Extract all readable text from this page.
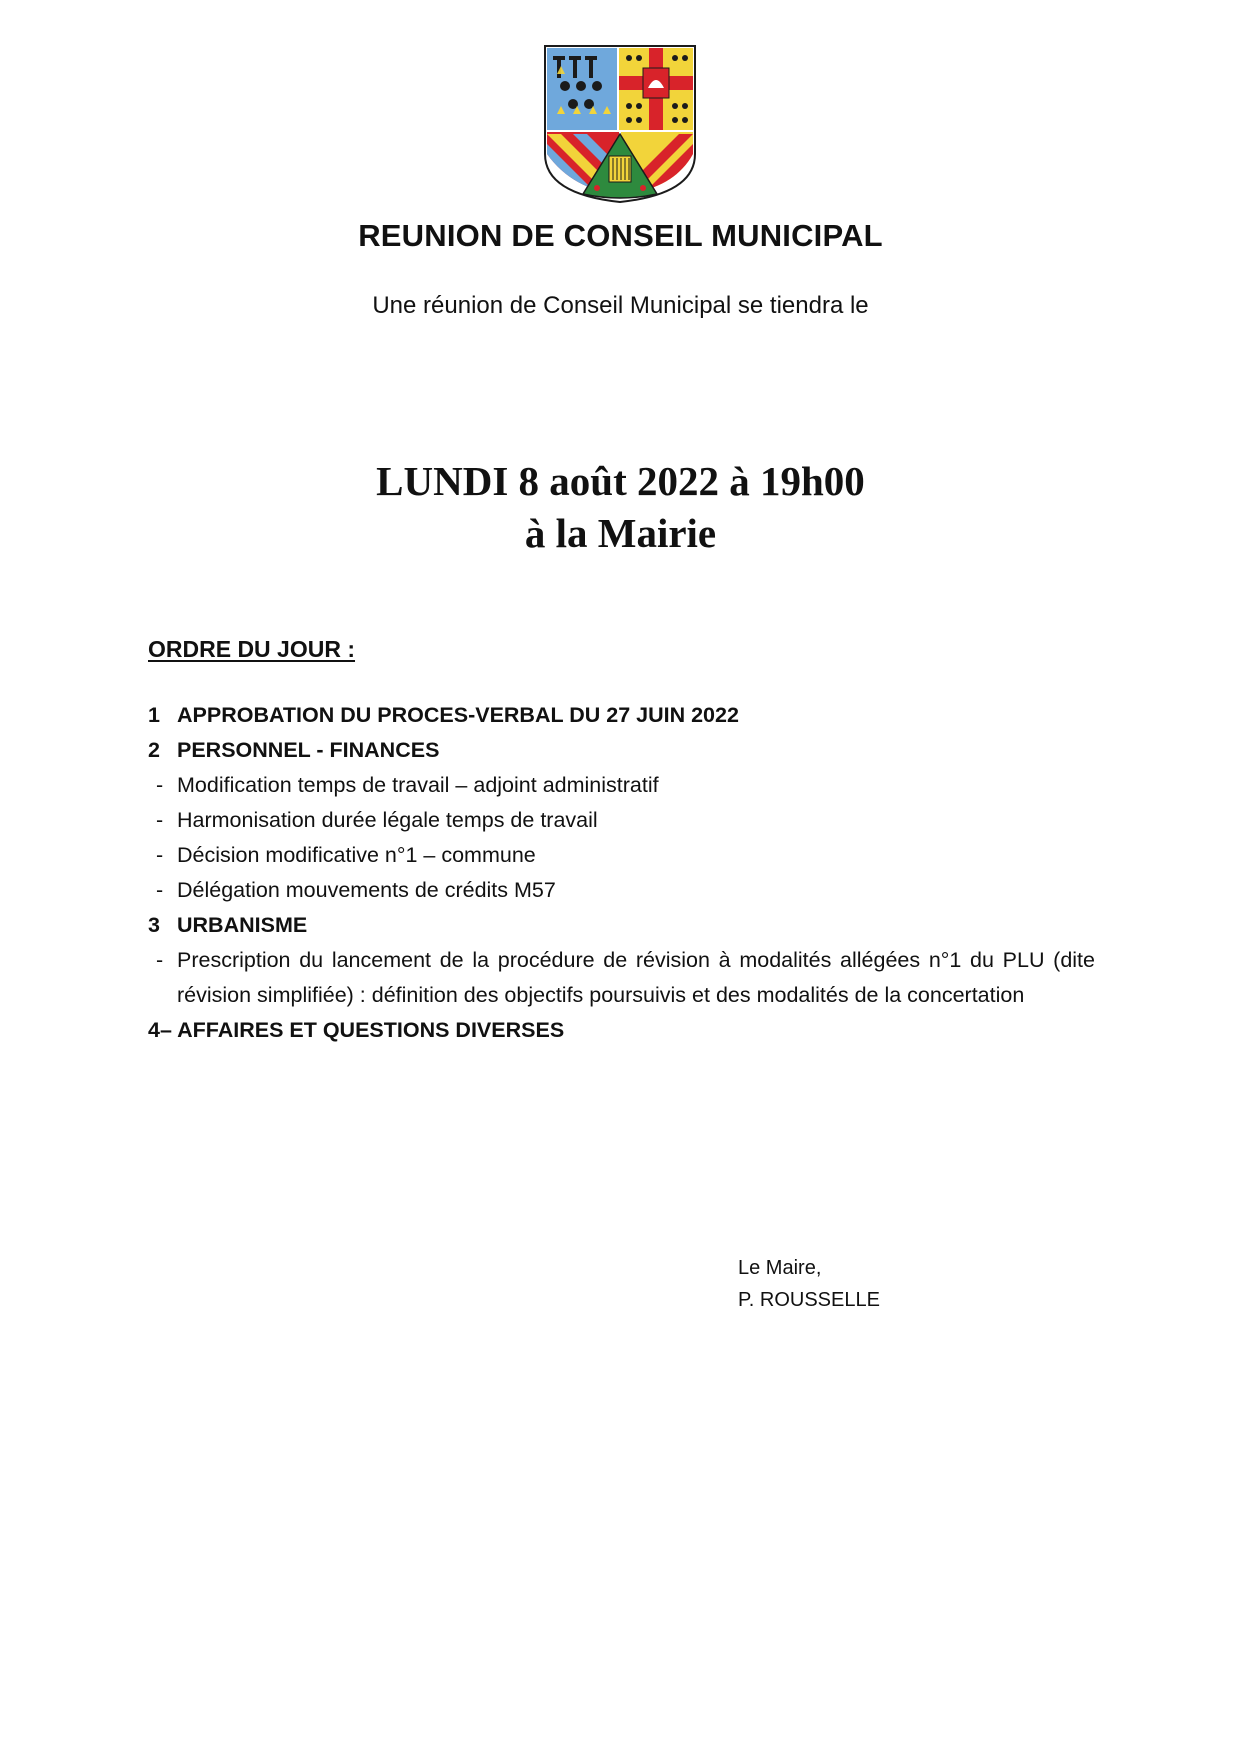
REUNION DE CONSEIL MUNICIPAL
Une réunion de Conseil Municipal se tiendra le
LUNDI 8 août 2022 à 19h00
à la Mairie
ORDRE DU JOUR :
1 APPROBATION DU PROCES-VERBAL DU 27 JUIN 2022
2 PERSONNEL - FINANCES
- Modification temps de travail – adjoint administratif
- Harmonisation durée légale temps de travail
- Décision modificative n°1 – commune
- Délégation mouvements de crédits M57
3 URBANISME
- Prescription du lancement de la procédure de révision à modalités allégées n°1 du PLU (dite révision simplifiée) : définition des objectifs poursuivis et des modalités de la concertation
4– AFFAIRES ET QUESTIONS DIVERSES
Le Maire,
P. ROUSSELLE
